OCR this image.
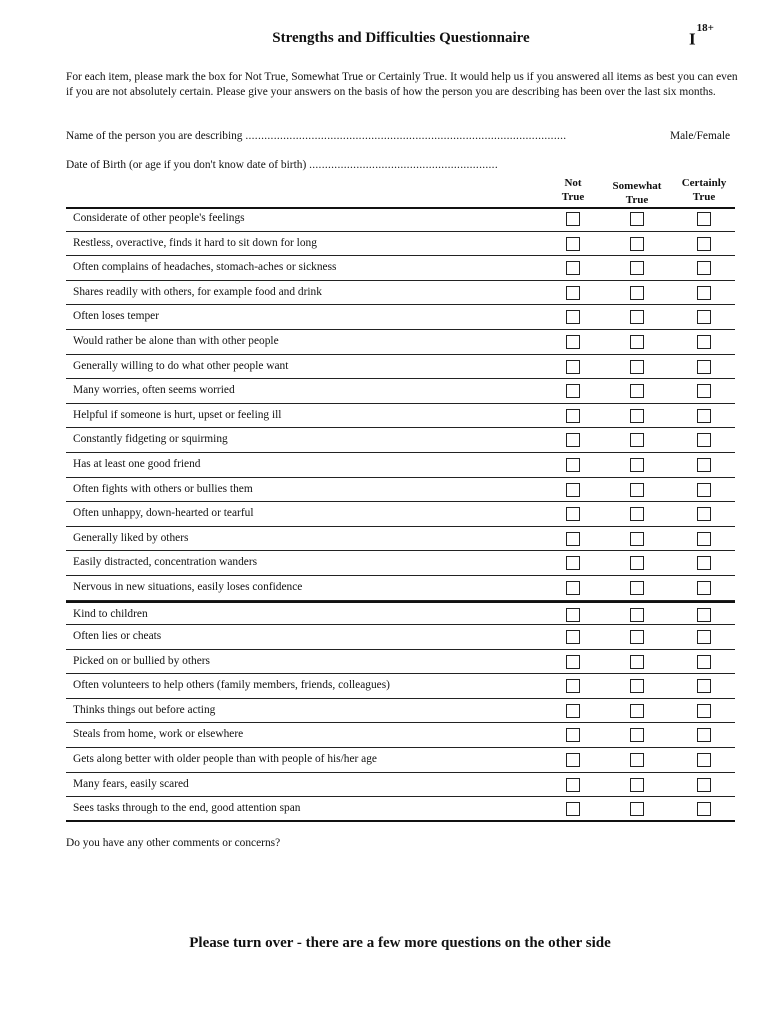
Strengths and Difficulties Questionnaire	$I^{18+}$
For each item, please mark the box for Not True, Somewhat True or Certainly True. It would help us if you answered all items as best you can even if you are not absolutely certain. Please give your answers on the basis of how the person you are describing has been over the last six months.
Name of the person you are describing ......................................................................................................	Male/Female
Date of Birth (or age if you don't know date of birth) ............................................................
Not
True
Somewhat
True
Certainly
True
Considerate of other people's feelings
Restless, overactive, finds it hard to sit down for long
Often complains of headaches, stomach-aches or sickness
Shares readily with others, for example food and drink
Often loses temper
Would rather be alone than with other people
Generally willing to do what other people want
Many worries, often seems worried
Helpful if someone is hurt, upset or feeling ill
Constantly fidgeting or squirming
Has at least one good friend
Often fights with others or bullies them
Often unhappy, down-hearted or tearful
Generally liked by others
Easily distracted, concentration wanders
Nervous in new situations, easily loses confidence
Kind to children
Often lies or cheats
Picked on or bullied by others
Often volunteers to help others (family members, friends, colleagues)
Thinks things out before acting
Steals from home, work or elsewhere
Gets along better with older people than with people of his/her age
Many fears, easily scared
Sees tasks through to the end, good attention span
Do you have any other comments or concerns?
Please turn over - there are a few more questions on the other side
